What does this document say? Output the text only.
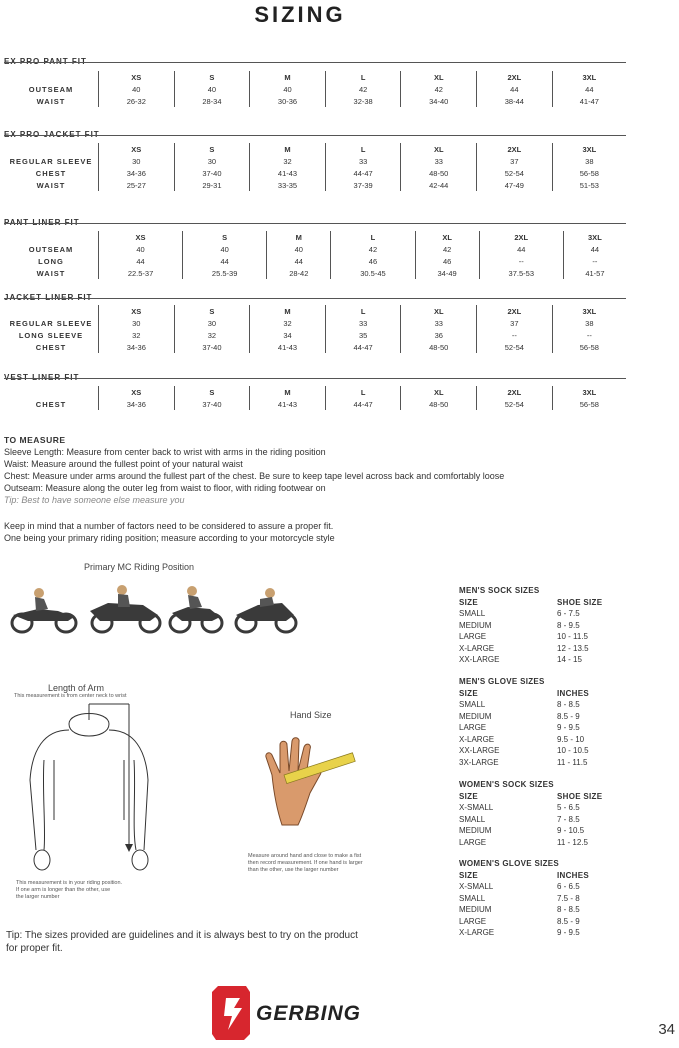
SIZING
	XS	S	M	L	XL	2XL	3XL
OUTSEAM	40	40	40	42	42	44	44
WAIST	26-32	28-34	30-36	32-38	34-40	38-44	41-47
	XS	S	M	L	XL	2XL	3XL
REGULAR SLEEVE	30	30	32	33	33	37	38
CHEST	34-36	37-40	41-43	44-47	48-50	52-54	56-58
WAIST	25-27	29-31	33-35	37-39	42-44	47-49	51-53
	XS	S	M	L	XL	2XL	3XL
OUTSEAM	40	40	40	42	42	44	44
LONG	44	44	44	46	46	--	--
WAIST	22.5-37	25.5-39	28-42	30.5-45	34-49	37.5-53	41-57
	XS	S	M	L	XL	2XL	3XL
REGULAR SLEEVE	30	30	32	33	33	37	38
LONG SLEEVE	32	32	34	35	36	--	--
CHEST	34-36	37-40	41-43	44-47	48-50	52-54	56-58
	XS	S	M	L	XL	2XL	3XL
CHEST	34-36	37-40	41-43	44-47	48-50	52-54	56-58
TO MEASURE
Sleeve Length: Measure from center back to wrist with arms in the riding position
Waist: Measure around the fullest point of your natural waist
Chest: Measure under arms around the fullest part of the chest. Be sure to keep tape level across back and comfortably loose
Outseam: Measure along the outer leg from waist to floor, with riding footwear on
Tip: Best to have someone else measure you
Keep in mind that a number of factors need to be considered to assure a proper fit.
One being your primary riding position; measure according to your motorcycle style
Primary MC Riding Position
Length of Arm
This measurement is from center neck to wrist
This measurement is in your riding position.
If one arm is longer than the other, use
the larger number
Hand Size
Measure around hand and close to make a fist
then record measurement. If one hand is larger
than the other, use the larger number
MEN'S SOCK SIZES
SIZE	SHOE SIZE
SMALL	6 - 7.5
MEDIUM	8 - 9.5
LARGE	10 - 11.5
X-LARGE	12 - 13.5
XX-LARGE	14 - 15
MEN'S GLOVE SIZES
SIZE	INCHES
SMALL	8 - 8.5
MEDIUM	8.5 - 9
LARGE	9 - 9.5
X-LARGE	9.5 - 10
XX-LARGE	10 - 10.5
3X-LARGE	11 - 11.5
WOMEN'S SOCK SIZES
SIZE	SHOE SIZE
X-SMALL	5 - 6.5
SMALL	7 - 8.5
MEDIUM	9 - 10.5
LARGE	11 - 12.5
WOMEN'S GLOVE SIZES
SIZE	INCHES
X-SMALL	6 - 6.5
SMALL	7.5 - 8
MEDIUM	8 - 8.5
LARGE	8.5 - 9
X-LARGE	9 - 9.5
Tip: The sizes provided are guidelines and it is always best to try on the product
for proper fit.
GERBING
34
